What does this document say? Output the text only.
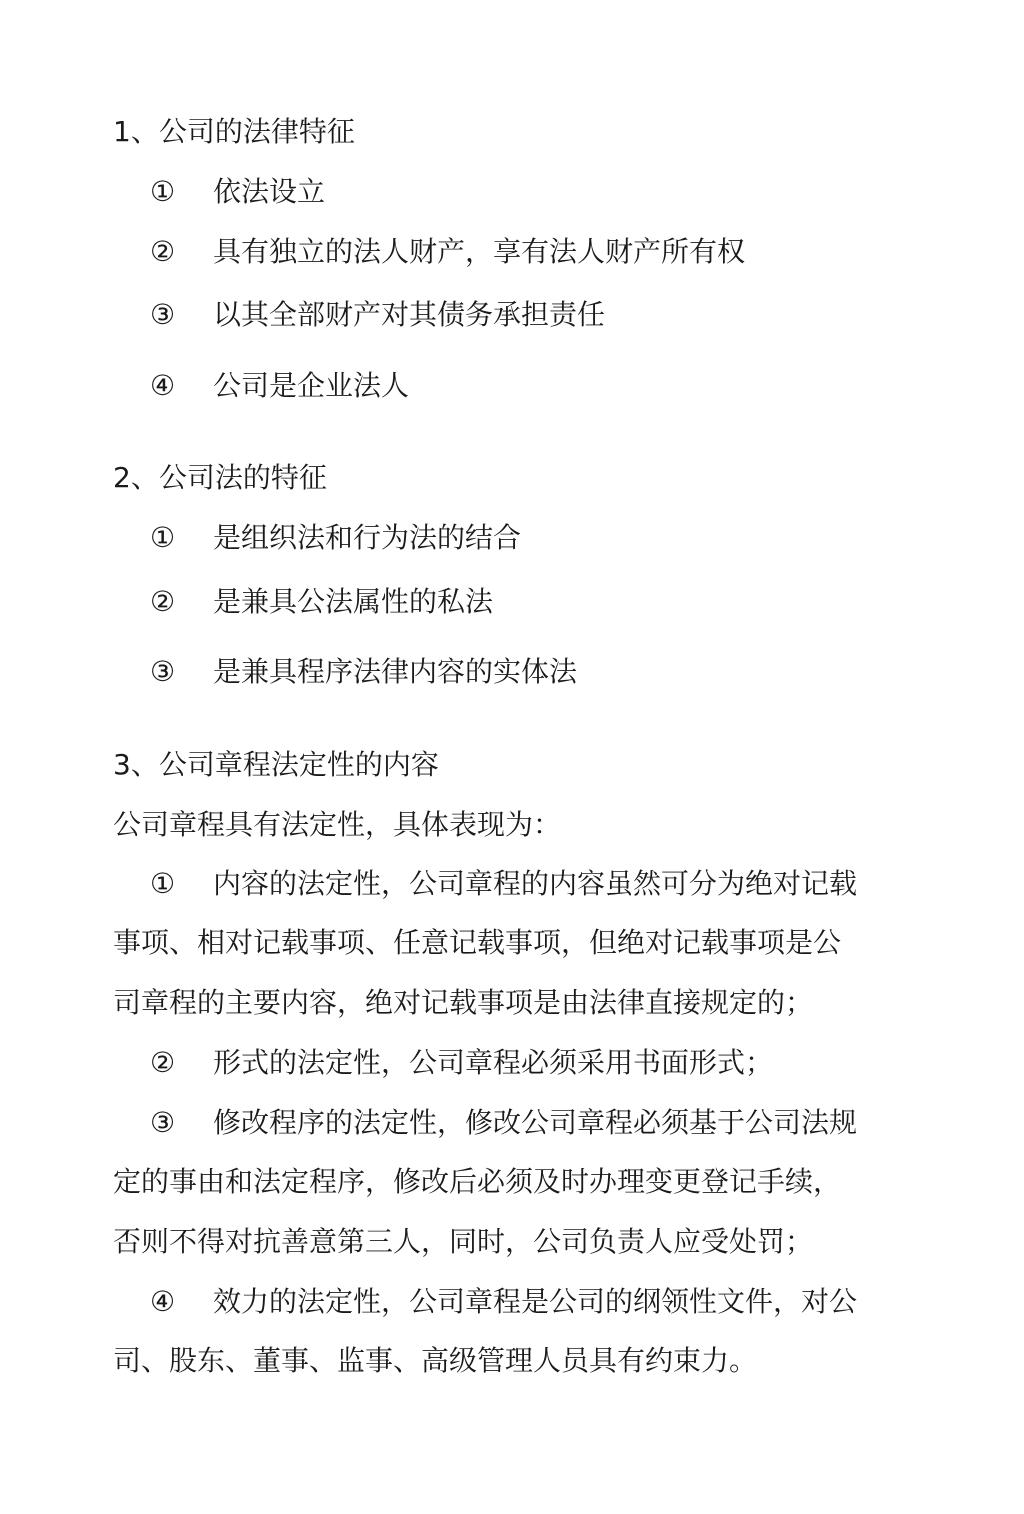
1、公司的法律特征
① 依法设立
② 具有独立的法人财产，享有法人财产所有权
③ 以其全部财产对其债务承担责任
④ 公司是企业法人
2、公司法的特征
① 是组织法和行为法的结合
② 是兼具公法属性的私法
③ 是兼具程序法律内容的实体法
3、公司章程法定性的内容
公司章程具有法定性，具体表现为：
① 内容的法定性，公司章程的内容虽然可分为绝对记载
事项、相对记载事项、任意记载事项，但绝对记载事项是公
司章程的主要内容，绝对记载事项是由法律直接规定的；
② 形式的法定性，公司章程必须采用书面形式；
③ 修改程序的法定性，修改公司章程必须基于公司法规
定的事由和法定程序，修改后必须及时办理变更登记手续，
否则不得对抗善意第三人，同时，公司负责人应受处罚；
④ 效力的法定性，公司章程是公司的纲领性文件，对公
司、股东、董事、监事、高级管理人员具有约束力。
